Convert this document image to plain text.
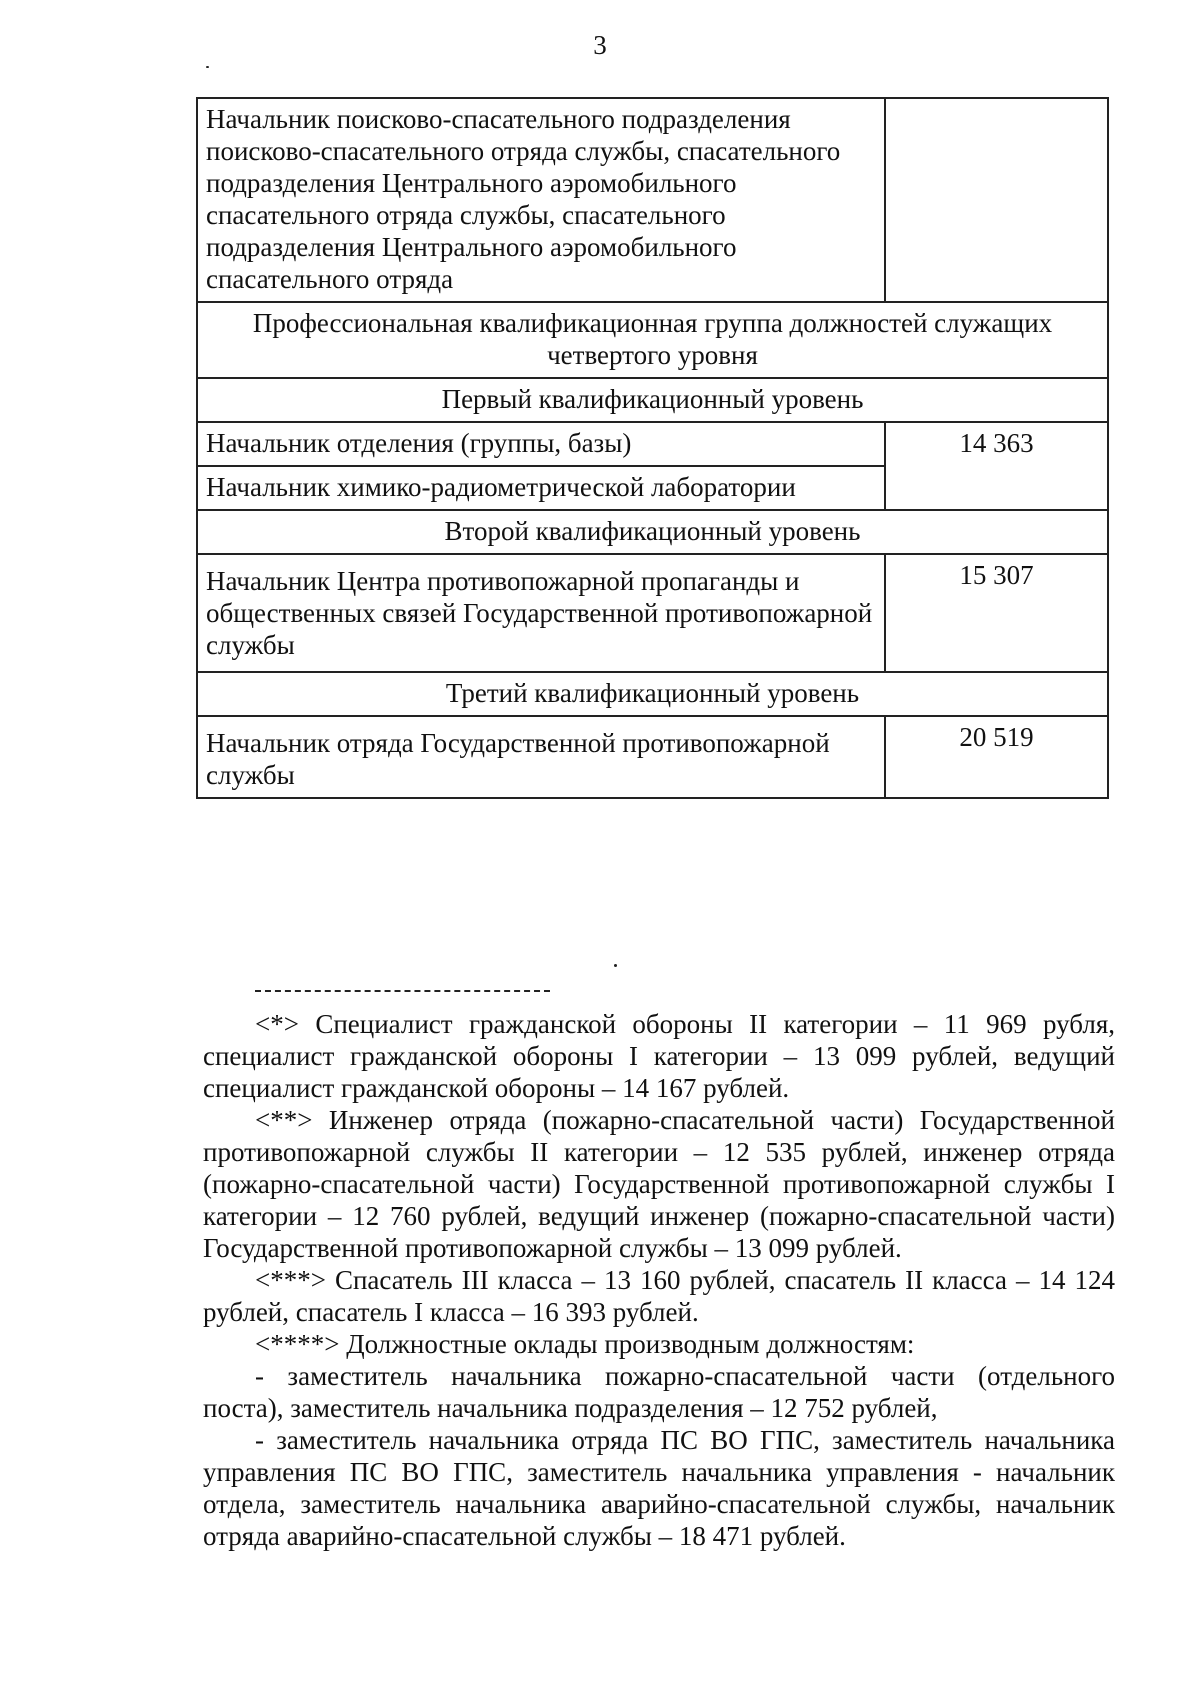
3
Начальник поисково-спасательного подразделения поисково-спасательного отряда службы, спасательного подразделения Центрального аэромобильного спасательного отряда службы, спасательного подразделения Центрального аэромобильного спасательного отряда	
Профессиональная квалификационная группа должностей служащих четвертого уровня	
Первый квалификационный уровень	
Начальник отделения (группы, базы)	14 363
Начальник химико-радиометрической лаборатории	
Второй квалификационный уровень	
Начальник Центра противопожарной пропаганды и общественных связей Государственной противопожарной службы	15 307
Третий квалификационный уровень	
Начальник отряда Государственной противопожарной службы	20 519

<*> Специалист гражданской обороны II категории – 11 969 рубля, специалист гражданской обороны I категории – 13 099 рублей, ведущий специалист гражданской обороны – 14 167 рублей.

<**> Инженер отряда (пожарно-спасательной части) Государственной противопожарной службы II категории – 12 535 рублей, инженер отряда (пожарно-спасательной части) Государственной противопожарной службы I категории – 12 760 рублей, ведущий инженер (пожарно-спасательной части) Государственной противопожарной службы – 13 099 рублей.

<***> Спасатель III класса – 13 160 рублей, спасатель II класса – 14 124 рублей, спасатель I класса – 16 393 рублей.

<****> Должностные оклады производным должностям:

- заместитель начальника пожарно-спасательной части (отдельного поста), заместитель начальника подразделения – 12 752 рублей,

- заместитель начальника отряда ПС ВО ГПС, заместитель начальника управления ПС ВО ГПС, заместитель начальника управления - начальник отдела, заместитель начальника аварийно-спасательной службы, начальник отряда аварийно-спасательной службы – 18 471 рублей.
